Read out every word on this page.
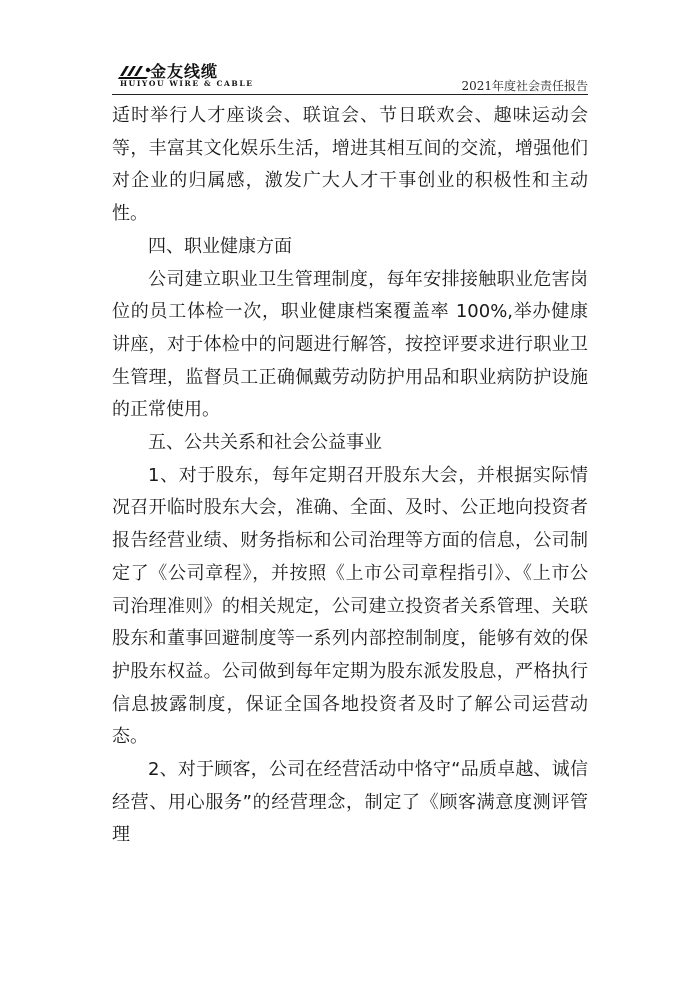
金友线缆
HUIYOU WIRE & CABLE	2021年度社会责任报告

适时举行人才座谈会、联谊会、节日联欢会、趣味运动会等，丰富其文化娱乐生活，增进其相互间的交流，增强他们对企业的归属感，激发广大人才干事创业的积极性和主动性。

四、职业健康方面

公司建立职业卫生管理制度，每年安排接触职业危害岗位的员工体检一次，职业健康档案覆盖率 100%,举办健康讲座，对于体检中的问题进行解答，按控评要求进行职业卫生管理，监督员工正确佩戴劳动防护用品和职业病防护设施的正常使用。

五、公共关系和社会公益事业

1、对于股东，每年定期召开股东大会，并根据实际情况召开临时股东大会，准确、全面、及时、公正地向投资者报告经营业绩、财务指标和公司治理等方面的信息，公司制定了《公司章程》，并按照《上市公司章程指引》、《上市公司治理准则》的相关规定，公司建立投资者关系管理、关联股东和董事回避制度等一系列内部控制制度，能够有效的保护股东权益。公司做到每年定期为股东派发股息，严格执行信息披露制度，保证全国各地投资者及时了解公司运营动态。

2、对于顾客，公司在经营活动中恪守“品质卓越、诚信经营、用心服务”的经营理念，制定了《顾客满意度测评管理
